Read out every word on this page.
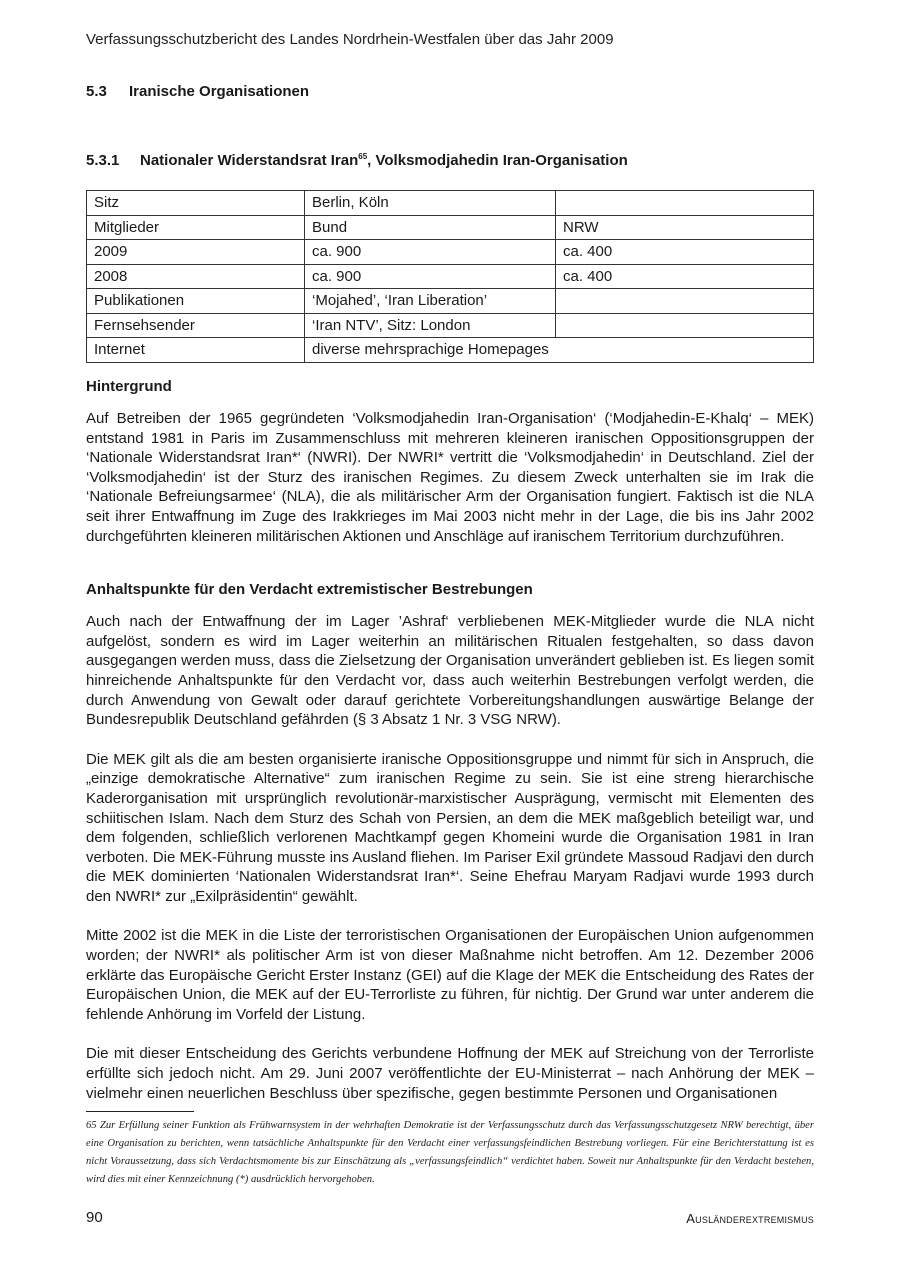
Verfassungsschutzbericht des Landes Nordrhein-Westfalen über das Jahr 2009
5.3 Iranische Organisationen
5.3.1 Nationaler Widerstandsrat Iran$^{65}$, Volksmodjahedin Iran-Organisation
Sitz	Berlin, Köln	
Mitglieder	Bund	NRW
2009	ca. 900	ca. 400
2008	ca. 900	ca. 400
Publikationen	‘Mojahed’, ‘Iran Liberation’	
Fernsehsender	‘Iran NTV’, Sitz: London	
Internet	diverse mehrsprachige Homepages	
Hintergrund

Auf Betreiben der 1965 gegründeten ‘Volksmodjahedin Iran-Organisation‘ (‘Modjahedin-E-Khalq‘ – MEK) entstand 1981 in Paris im Zusammenschluss mit mehreren kleineren iranischen Oppositionsgruppen der ‘Nationale Widerstandsrat Iran*‘ (NWRI). Der NWRI* vertritt die ‘Volksmodjahedin‘ in Deutschland. Ziel der ‘Volksmodjahedin‘ ist der Sturz des iranischen Regimes. Zu diesem Zweck unterhalten sie im Irak die ‘Nationale Befreiungsarmee‘ (NLA), die als militärischer Arm der Organisation fungiert. Faktisch ist die NLA seit ihrer Entwaffnung im Zuge des Irakkrieges im Mai 2003 nicht mehr in der Lage, die bis ins Jahr 2002 durchgeführten kleineren militärischen Aktionen und Anschläge auf iranischem Territorium durchzuführen.

Anhaltspunkte für den Verdacht extremistischer Bestrebungen

Auch nach der Entwaffnung der im Lager ’Ashraf‘ verbliebenen MEK-Mitglieder wurde die NLA nicht aufgelöst, sondern es wird im Lager weiterhin an militärischen Ritualen festgehalten, so dass davon ausgegangen werden muss, dass die Zielsetzung der Organisation unverändert geblieben ist. Es liegen somit hinreichende Anhaltspunkte für den Verdacht vor, dass auch weiterhin Bestrebungen verfolgt werden, die durch Anwendung von Gewalt oder darauf gerichtete Vorbereitungshandlungen auswärtige Belange der Bundesrepublik Deutschland gefährden (§ 3 Absatz 1 Nr. 3 VSG NRW).

Die MEK gilt als die am besten organisierte iranische Oppositionsgruppe und nimmt für sich in Anspruch, die „einzige demokratische Alternative“ zum iranischen Regime zu sein. Sie ist eine streng hierarchische Kaderorganisation mit ursprünglich revolutionär-marxistischer Ausprägung, vermischt mit Elementen des schiitischen Islam. Nach dem Sturz des Schah von Persien, an dem die MEK maßgeblich beteiligt war, und dem folgenden, schließlich verlorenen Machtkampf gegen Khomeini wurde die Organisation 1981 in Iran verboten. Die MEK-Führung musste ins Ausland fliehen. Im Pariser Exil gründete Massoud Radjavi den durch die MEK dominierten ‘Nationalen Widerstandsrat Iran*‘. Seine Ehefrau Maryam Radjavi wurde 1993 durch den NWRI* zur „Exilpräsidentin“ gewählt.

Mitte 2002 ist die MEK in die Liste der terroristischen Organisationen der Europäischen Union aufgenommen worden; der NWRI* als politischer Arm ist von dieser Maßnahme nicht betroffen. Am 12. Dezember 2006 erklärte das Europäische Gericht Erster Instanz (GEI) auf die Klage der MEK die Entscheidung des Rates der Europäischen Union, die MEK auf der EU-Terrorliste zu führen, für nichtig. Der Grund war unter anderem die fehlende Anhörung im Vorfeld der Listung.

Die mit dieser Entscheidung des Gerichts verbundene Hoffnung der MEK auf Streichung von der Terrorliste erfüllte sich jedoch nicht. Am 29. Juni 2007 veröffentlichte der EU-Ministerrat – nach Anhörung der MEK – vielmehr einen neuerlichen Beschluss über spezifische, gegen bestimmte Personen und Organisationen

65 Zur Erfüllung seiner Funktion als Frühwarnsystem in der wehrhaften Demokratie ist der Verfassungsschutz durch das Verfassungsschutzgesetz NRW berechtigt, über eine Organisation zu berichten, wenn tatsächliche Anhaltspunkte für den Verdacht einer verfassungsfeindlichen Bestrebung vorliegen. Für eine Berichterstattung ist es nicht Voraussetzung, dass sich Verdachtsmomente bis zur Einschätzung als „verfassungsfeindlich“ verdichtet haben. Soweit nur Anhaltspunkte für den Verdacht bestehen, wird dies mit einer Kennzeichnung (*) ausdrücklich hervorgehoben.
90	Ausländerextremismus
